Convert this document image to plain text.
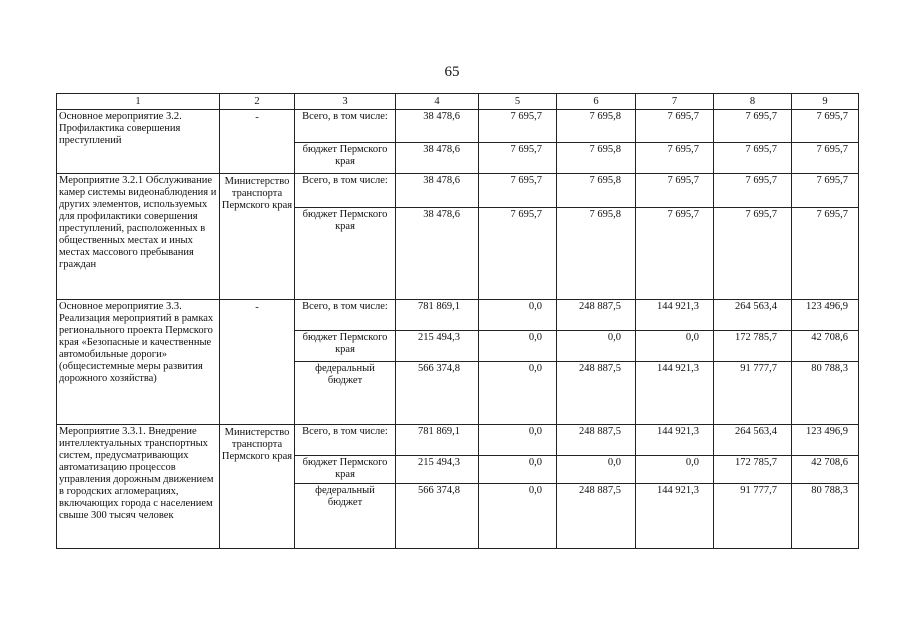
65
1	2	3	4	5	6	7	8	9
Основное мероприятие 3.2. Профилактика совершения преступлений	-	Всего, в том числе:	38 478,6	7 695,7	7 695,8	7 695,7	7 695,7	7 695,7
		бюджет Пермского края	38 478,6	7 695,7	7 695,8	7 695,7	7 695,7	7 695,7
Мероприятие 3.2.1 Обслуживание камер системы видеонаблюдения и других элементов, используемых для профилактики совершения преступлений, расположенных в общественных местах и иных местах массового пребывания граждан	Министерство транспорта Пермского края	Всего, в том числе:	38 478,6	7 695,7	7 695,8	7 695,7	7 695,7	7 695,7
		бюджет Пермского края	38 478,6	7 695,7	7 695,8	7 695,7	7 695,7	7 695,7
Основное мероприятие 3.3. Реализация мероприятий в рамках регионального проекта Пермского края «Безопасные и качественные автомобильные дороги» (общесистемные меры развития дорожного хозяйства)	-	Всего, в том числе:	781 869,1	0,0	248 887,5	144 921,3	264 563,4	123 496,9
		бюджет Пермского края	215 494,3	0,0	0,0	0,0	172 785,7	42 708,6
		федеральный бюджет	566 374,8	0,0	248 887,5	144 921,3	91 777,7	80 788,3
Мероприятие 3.3.1. Внедрение интеллектуальных транспортных систем, предусматривающих автоматизацию процессов управления дорожным движением в городских агломерациях, включающих города с населением свыше 300 тысяч человек	Министерство транспорта Пермского края	Всего, в том числе:	781 869,1	0,0	248 887,5	144 921,3	264 563,4	123 496,9
		бюджет Пермского края	215 494,3	0,0	0,0	0,0	172 785,7	42 708,6
		федеральный бюджет	566 374,8	0,0	248 887,5	144 921,3	91 777,7	80 788,3
